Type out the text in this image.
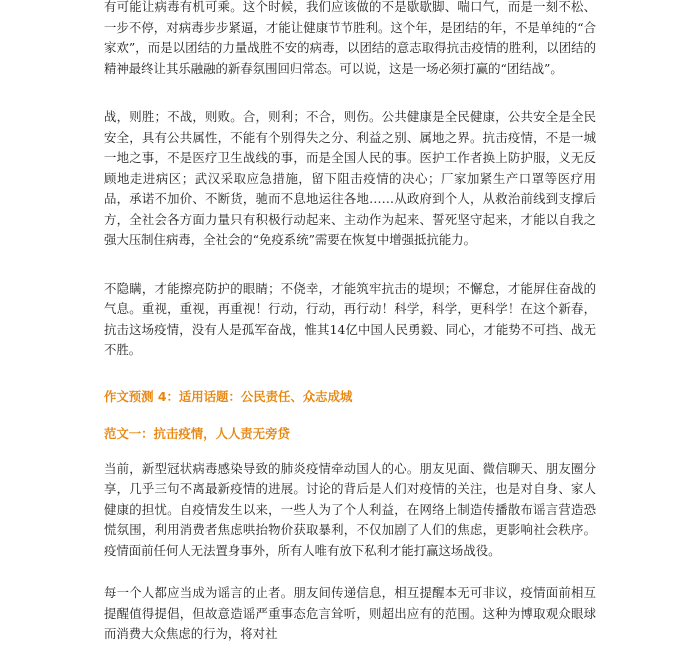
有可能让病毒有机可乘。这个时候，我们应该做的不是歇歇脚、喘口气，而是一刻不松、一步不停，对病毒步步紧逼，才能让健康节节胜利。这个年，是团结的年，不是单纯的“合家欢”，而是以团结的力量战胜不安的病毒，以团结的意志取得抗击疫情的胜利，以团结的精神最终让其乐融融的新春氛围回归常态。可以说，这是一场必须打赢的“团结战”。

战，则胜；不战，则败。合，则利；不合，则伤。公共健康是全民健康，公共安全是全民安全，具有公共属性，不能有个别得失之分、利益之别、属地之界。抗击疫情，不是一城一地之事，不是医疗卫生战线的事，而是全国人民的事。医护工作者换上防护服，义无反顾地走进病区；武汉采取应急措施，留下阻击疫情的决心；厂家加紧生产口罩等医疗用品，承诺不加价、不断货，驰而不息地运往各地……从政府到个人，从救治前线到支撑后方，全社会各方面力量只有积极行动起来、主动作为起来、誓死坚守起来，才能以自我之强大压制住病毒，全社会的“免疫系统”需要在恢复中增强抵抗能力。

不隐瞒，才能擦亮防护的眼睛；不侥幸，才能筑牢抗击的堤坝；不懈怠，才能屏住奋战的气息。重视，重视，再重视！行动，行动，再行动！科学，科学，更科学！在这个新春，抗击这场疫情，没有人是孤军奋战，惟其14亿中国人民勇毅、同心，才能势不可挡、战无不胜。

作文预测 4：适用话题：公民责任、众志成城

范文一：抗击疫情，人人责无旁贷

当前，新型冠状病毒感染导致的肺炎疫情牵动国人的心。朋友见面、微信聊天、朋友圈分享，几乎三句不离最新疫情的进展。讨论的背后是人们对疫情的关注，也是对自身、家人健康的担忧。自疫情发生以来，一些人为了个人利益，在网络上制造传播散布谣言营造恐慌氛围，利用消费者焦虑哄抬物价获取暴利，不仅加剧了人们的焦虑，更影响社会秩序。疫情面前任何人无法置身事外，所有人唯有放下私利才能打赢这场战役。

每一个人都应当成为谣言的止者。朋友间传递信息，相互提醒本无可非议，疫情面前相互提醒值得提倡，但故意造谣严重事态危言耸听，则超出应有的范围。这种为博取观众眼球而消费大众焦虑的行为，将对社
